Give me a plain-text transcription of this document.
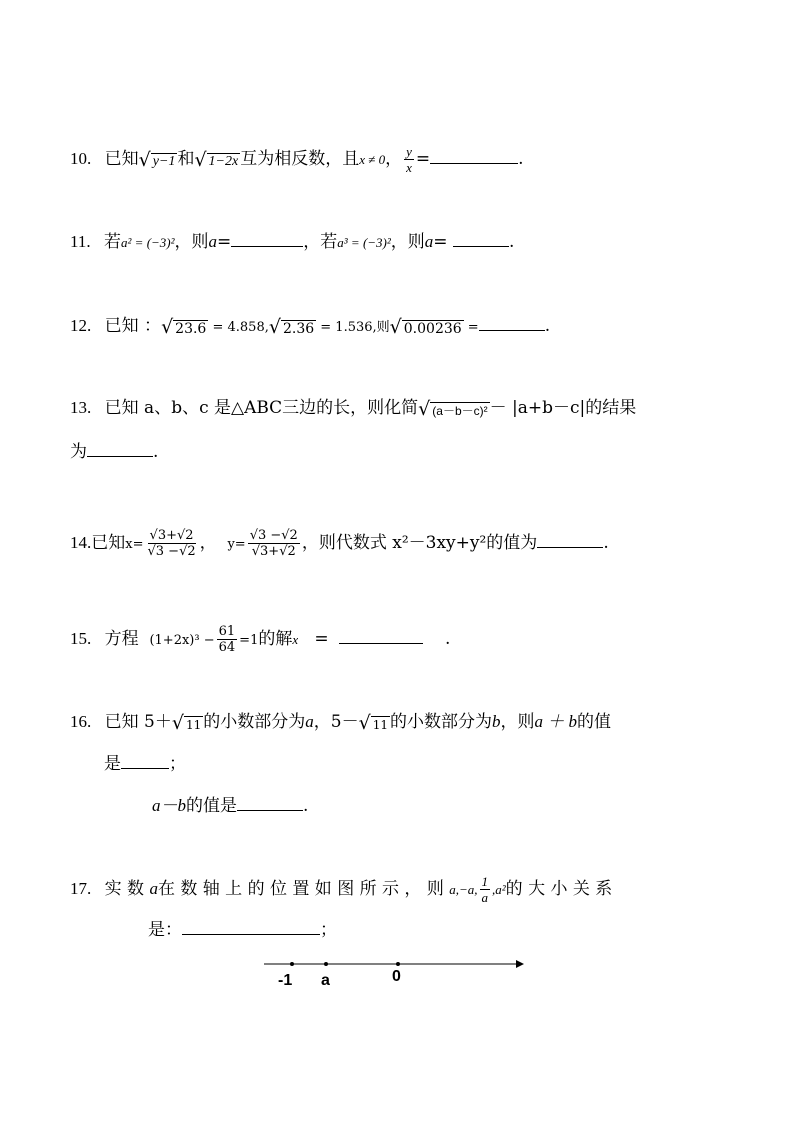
10. 已知 √ y−1 和 √ 1−2x 互为相反数，且x ≠ 0， $\frac{y}{x}$ =	.
11. 若a² = (−3)²，则a=	，若a³ = (−3)²，则a=	.
12. 已知 ： √ 23.6 = 4.858, √ 2.36 = 1.536,则 √ 0.00236 =	.
13. 已知 a、b、c 是△ABC三边的长，则化简 √ (a－b－c)² － |a+b－c|的结果
为	.
14.已知$x= \frac{√3+√2}{√3 -√2}$ ， $y= \frac{√3 -√2}{√3+√2}$ ，则代数式 x²－3xy+y²的值为	.
15. 方程 $(1+2x)^3 - \frac{61}{64} =1$的解x =	.
16. 已知 5＋ √ 11 的小数部分为a，5－ √ 11 的小数部分为b，则a ＋ b的值
是	；
a－b的值是	.
17. 实 数 a在 数 轴 上 的 位 置 如 图 所 示 ， 则 a,−a, $\frac{1}{a} ,a^2$的 大 小 关 系
是：	；
-1 a	0
